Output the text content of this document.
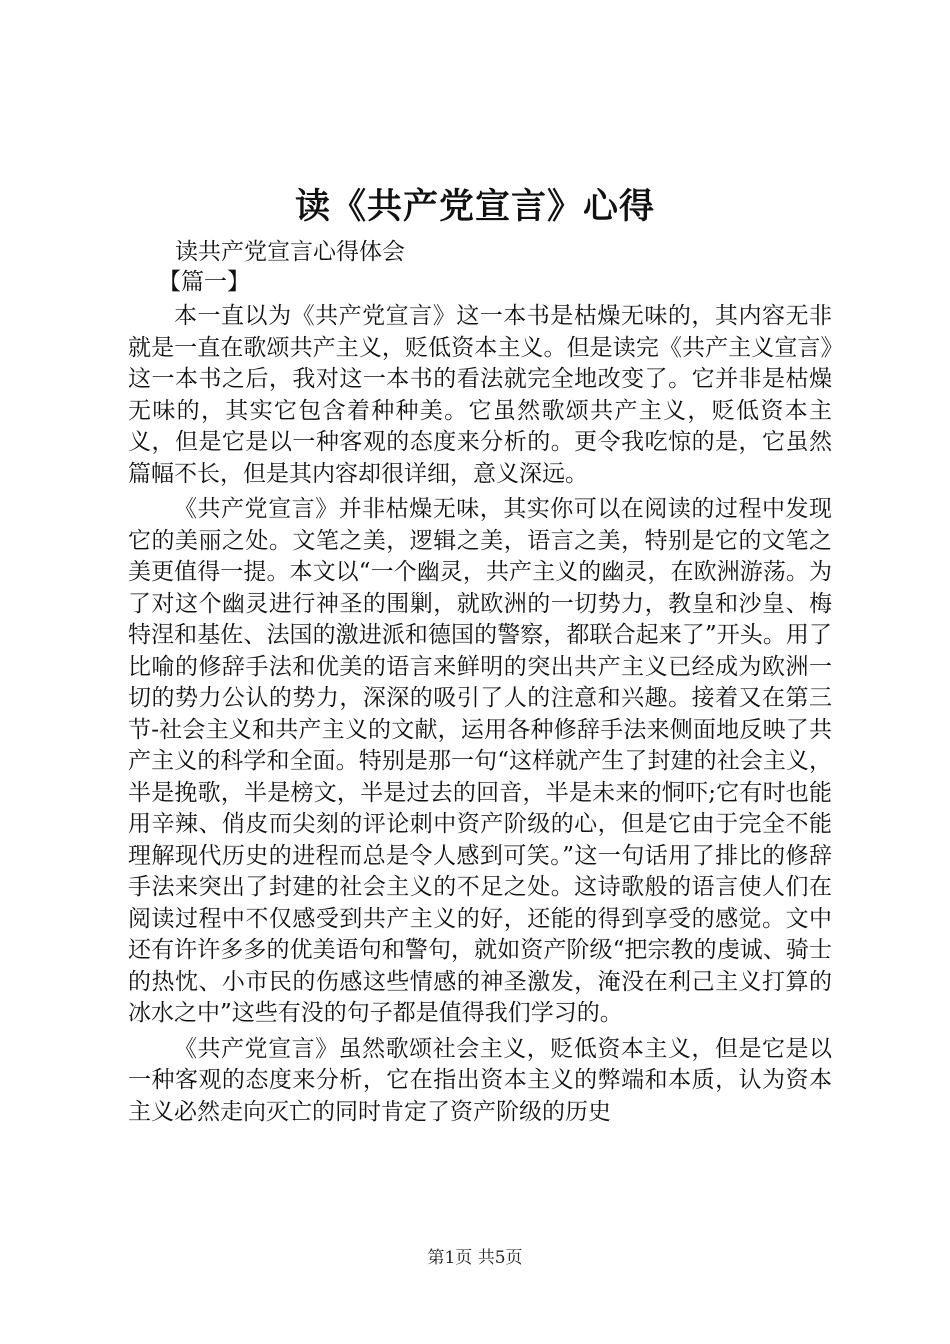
读《共产党宣言》心得
读共产党宣言心得体会
【篇一】

本一直以为《共产党宣言》这一本书是枯燥无味的，其内容无非就是一直在歌颂共产主义，贬低资本主义。但是读完《共产主义宣言》这一本书之后，我对这一本书的看法就完全地改变了。它并非是枯燥无味的，其实它包含着种种美。它虽然歌颂共产主义，贬低资本主义，但是它是以一种客观的态度来分析的。更令我吃惊的是，它虽然篇幅不长，但是其内容却很详细，意义深远。

《共产党宣言》并非枯燥无味，其实你可以在阅读的过程中发现它的美丽之处。文笔之美，逻辑之美，语言之美，特别是它的文笔之美更值得一提。本文以“一个幽灵，共产主义的幽灵，在欧洲游荡。为了对这个幽灵进行神圣的围剿，就欧洲的一切势力，教皇和沙皇、梅特涅和基佐、法国的激进派和德国的警察，都联合起来了”开头。用了比喻的修辞手法和优美的语言来鲜明的突出共产主义已经成为欧洲一切的势力公认的势力，深深的吸引了人的注意和兴趣。接着又在第三节-社会主义和共产主义的文献，运用各种修辞手法来侧面地反映了共产主义的科学和全面。特别是那一句“这样就产生了封建的社会主义，半是挽歌，半是榜文，半是过去的回音，半是未来的恫吓;它有时也能用辛辣、俏皮而尖刻的评论刺中资产阶级的心，但是它由于完全不能理解现代历史的进程而总是令人感到可笑。”这一句话用了排比的修辞手法来突出了封建的社会主义的不足之处。这诗歌般的语言使人们在阅读过程中不仅感受到共产主义的好，还能的得到享受的感觉。文中还有许许多多的优美语句和警句，就如资产阶级“把宗教的虔诚、骑士的热忱、小市民的伤感这些情感的神圣激发，淹没在利己主义打算的冰水之中”这些有没的句子都是值得我们学习的。

《共产党宣言》虽然歌颂社会主义，贬低资本主义，但是它是以一种客观的态度来分析，它在指出资本主义的弊端和本质，认为资本主义必然走向灭亡的同时肯定了资产阶级的历史

第1页 共5页
